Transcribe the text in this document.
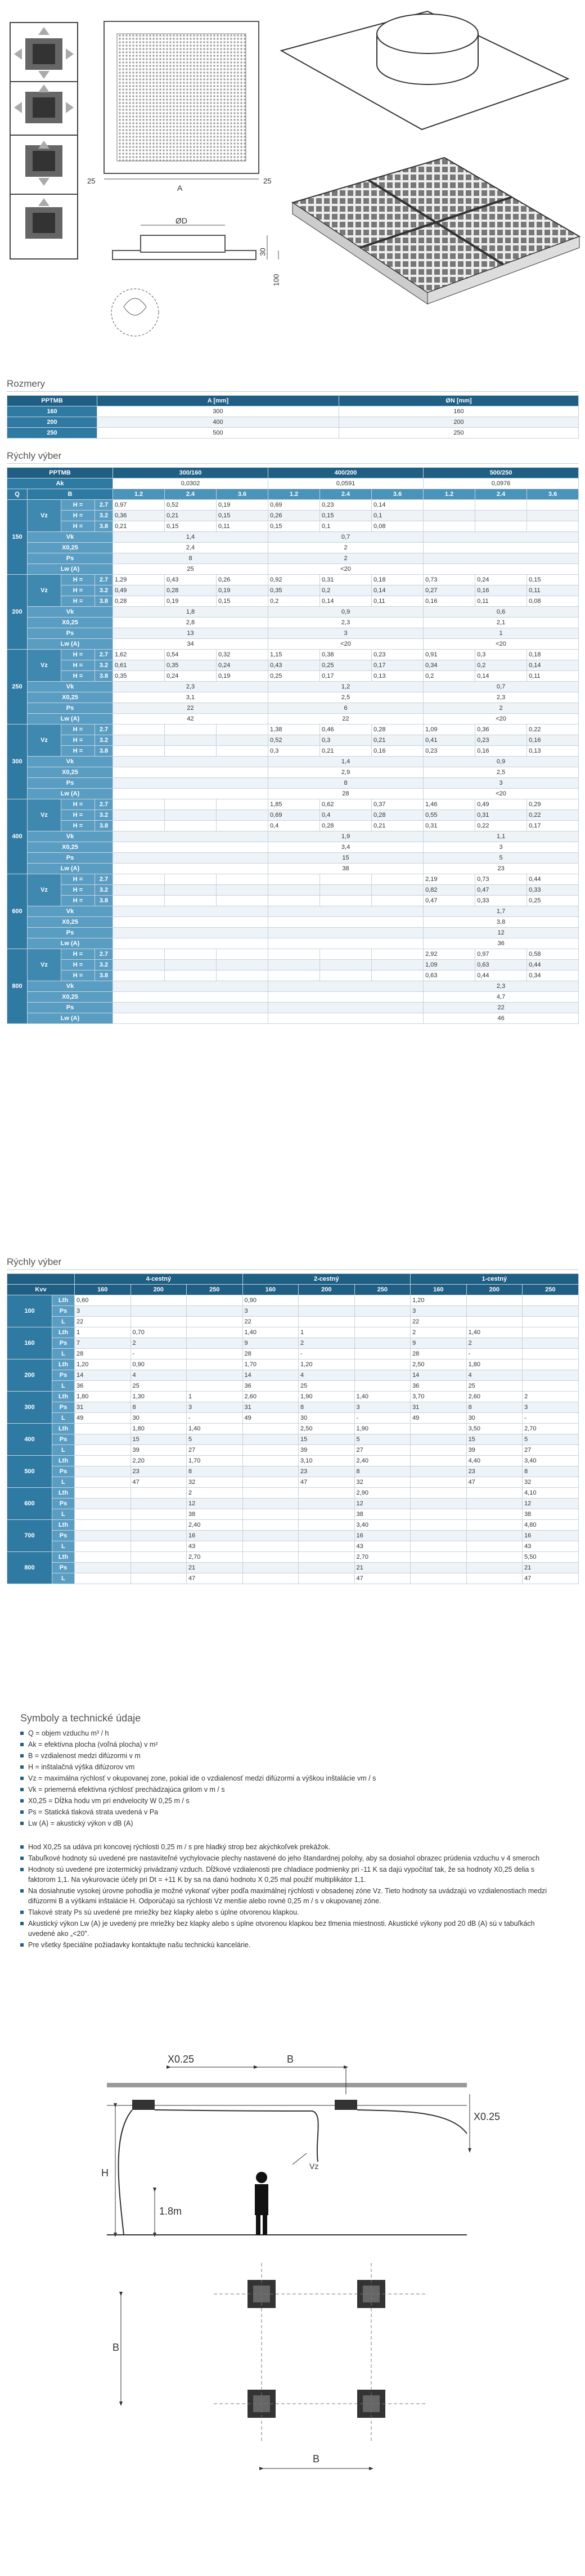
A
25	25
ØD
100
30
Rozmery
PPTMB	A [mm]	ØN [mm]
160	300	160
200	400	200
250	500	250
Rýchly výber
PPTMB				300/160			400/200			500/250		
Ak				0,0302			0,0591			0,0976		
Q	B			1.2	2.4	3.6	1.2	2.4	3.6	1.2	2.4	3.6
150	Vz	H =	2.7	0,97	0,52	0,19	0,69	0,23	0,14			
		H =	3.2	0,36	0,21	0,15	0,26	0,15	0,1			
		H =	3.8	0,21	0,15	0,11	0,15	0,1	0,08			
	Vk			1,4			0,7					
	X0,25			2,4			2					
	Ps			8			2					
	Lw (A)			25			<20					
200	Vz	H =	2.7	1,29	0,43	0,26	0,92	0,31	0,18	0,73	0,24	0,15
		H =	3.2	0,49	0,28	0,19	0,35	0,2	0,14	0,27	0,16	0,11
		H =	3.8	0,28	0,19	0,15	0,2	0,14	0,11	0,16	0,11	0,08
	Vk			1,8			0,9			0,6		
	X0,25			2,8			2,3			2,1		
	Ps			13			3			1		
	Lw (A)			34			<20			<20		
250	Vz	H =	2.7	1,62	0,54	0,32	1,15	0,38	0,23	0,91	0,3	0,18
		H =	3.2	0,61	0,35	0,24	0,43	0,25	0,17	0,34	0,2	0,14
		H =	3.8	0,35	0,24	0,19	0,25	0,17	0,13	0,2	0,14	0,11
	Vk			2,3			1,2			0,7		
	X0,25			3,1			2,5			2,3		
	Ps			22			6			2		
	Lw (A)			42			22			<20		
300	Vz	H =	2.7				1,38	0,46	0,28	1,09	0,36	0,22
		H =	3.2				0,52	0,3	0,21	0,41	0,23	0,16
		H =	3.8				0,3	0,21	0,16	0,23	0,16	0,13
	Vk						1,4			0,9		
	X0,25						2,9			2,5		
	Ps						8			3		
	Lw (A)						28			<20		
400	Vz	H =	2.7				1,85	0,62	0,37	1,46	0,49	0,29
		H =	3.2				0,69	0,4	0,28	0,55	0,31	0,22
		H =	3.8				0,4	0,28	0,21	0,31	0,22	0,17
	Vk						1,9			1,1		
	X0,25						3,4			3		
	Ps						15			5		
	Lw (A)						38			23		
600	Vz	H =	2.7							2,19	0,73	0,44
		H =	3.2							0,82	0,47	0,33
		H =	3.8							0,47	0,33	0,25
	Vk									1,7		
	X0,25									3,8		
	Ps									12		
	Lw (A)									36		
800	Vz	H =	2.7							2,92	0,97	0,58
		H =	3.2							1,09	0,63	0,44
		H =	3.8							0,63	0,44	0,34
	Vk									2,3		
	X0,25									4,7		
	Ps									22		
	Lw (A)									46		
Rýchly výber
		4-cestný			2-cestný			1-cestný		
Kvv		160	200	250	160	200	250	160	200	250
100	Lth	0,60			0,90			1,20		
	Ps	3			3			3		
	L	22			22			22		
160	Lth	1	0,70		1,40	1		2	1,40	
	Ps	7	2		9	2		9	2	
	L	28	-		28	-		28	-	
200	Lth	1,20	0,90		1,70	1,20		2,50	1,80	
	Ps	14	4		14	4		14	4	
	L	36	25		36	25		36	25	
300	Lth	1,80	1,30	1	2,60	1,90	1,40	3,70	2,60	2
	Ps	31	8	3	31	8	3	31	8	3
	L	49	30	-	49	30	-	49	30	-
400	Lth		1,80	1,40		2,50	1,90		3,50	2,70
	Ps		15	5		15	5		15	5
	L		39	27		39	27		39	27
500	Lth		2,20	1,70		3,10	2,40		4,40	3,40
	Ps		23	8		23	8		23	8
	L		47	32		47	32		47	32
600	Lth			2			2,90			4,10
	Ps			12			12			12
	L			38			38			38
700	Lth			2,40			3,40			4,80
	Ps			16			16			16
	L			43			43			43
800	Lth			2,70			2,70			5,50
	Ps			21			21			21
	L			47			47			47
Symboly a technické údaje
Q = objem vzduchu m³ / h
Ak = efektívna plocha (voľná plocha) v m²
B = vzdialenost medzi difúzormi v m
H = inštalačná výška difúzorov vm
Vz = maximálna rýchlosť v okupovanej zone, pokial ide o vzdialenosť medzi difúzormi a výškou inštalácie vm / s
Vk = priemerná efektívna rýchlosť prechádzajúca grilom v m / s
X0,25 = Dĺžka hodu vm pri endvelocity W 0,25 m / s
Ps = Statická tlaková strata uvedená v Pa
Lw (A) = akustický výkon v dB (A)
Hod X0,25 sa udáva pri koncovej rýchlosti 0,25 m / s pre hladký strop bez akýchkoľvek prekážok.
Tabuľkové hodnoty sú uvedené pre nastaviteľné vychylovacie plechy nastavené do jeho štandardnej polohy, aby sa dosiahol obrazec prúdenia vzduchu v 4 smeroch
Hodnoty sú uvedené pre izotermický privádzaný vzduch. Dĺžkové vzdialenosti pre chladiace podmienky pri -11 K sa dajú vypočítať tak, že sa hodnoty X0,25 delia s faktorom 1,1. Na vykurovacie účely pri Dt = +11 K by sa na danú hodnotu X 0,25 mal použiť multiplikátor 1,1.
Na dosiahnutie vysokej úrovne pohodlia je možné vykonať výber podľa maximálnej rýchlosti v obsadenej zóne Vz. Tieto hodnoty sa uvádzajú vo vzdialenostiach medzi difúzormi B a výškami inštalácie H. Odporúčajú sa rýchlosti Vz menšie alebo rovné 0,25 m / s v okupovanej zóne.
Tlakové straty Ps sú uvedené pre mriežky bez klapky alebo s úplne otvorenou klapkou.
Akustický výkon Lw (A) je uvedený pre mriežky bez klapky alebo s úplne otvorenou klapkou bez tlmenia miestnosti. Akustické výkony pod 20 dB (A) sú v tabuľkách uvedené ako „<20".
Pre všetky špeciálne požiadavky kontaktujte našu technickú kancelárie.
X0.25	B
X0.25
H
1.8m
Vz
B
B
